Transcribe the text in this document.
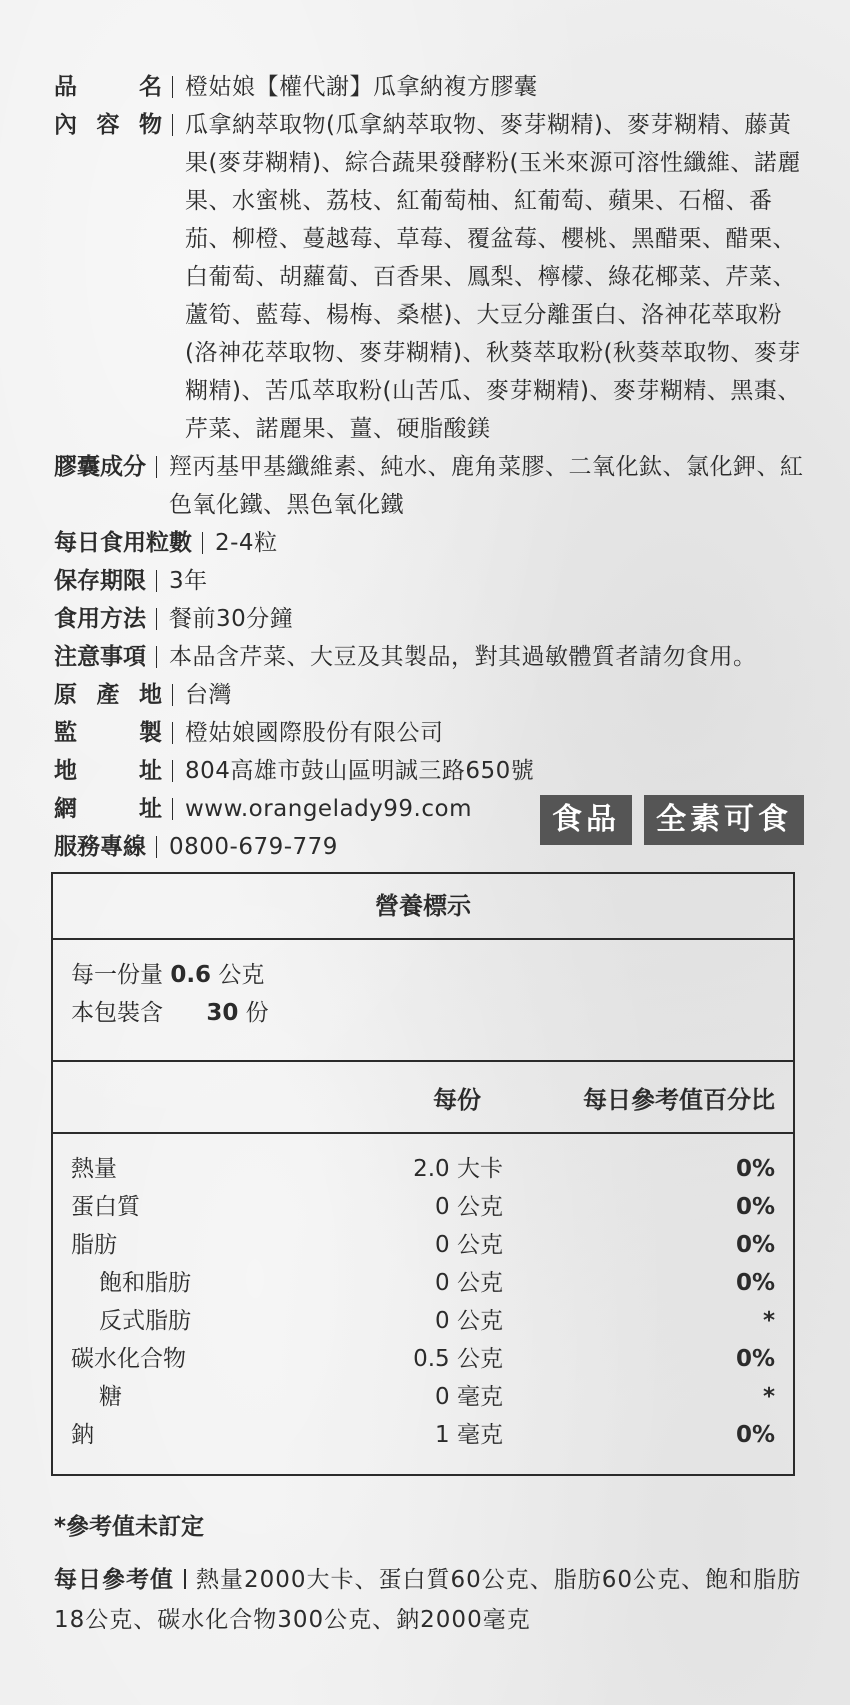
品　　名 橙姑娘【權代謝】瓜拿納複方膠囊
內 容 物 瓜拿納萃取物(瓜拿納萃取物、麥芽糊精)、麥芽糊精、藤黃果(麥芽糊精)、綜合蔬果發酵粉(玉米來源可溶性纖維、諾麗果、水蜜桃、荔枝、紅葡萄柚、紅葡萄、蘋果、石榴、番茄、柳橙、蔓越莓、草莓、覆盆莓、櫻桃、黑醋栗、醋栗、白葡萄、胡蘿蔔、百香果、鳳梨、檸檬、綠花椰菜、芹菜、蘆筍、藍莓、楊梅、桑椹)、大豆分離蛋白、洛神花萃取粉(洛神花萃取物、麥芽糊精)、秋葵萃取粉(秋葵萃取物、麥芽糊精)、苦瓜萃取粉(山苦瓜、麥芽糊精)、麥芽糊精、黑棗、芹菜、諾麗果、薑、硬脂酸鎂
膠囊成分 羥丙基甲基纖維素、純水、鹿角菜膠、二氧化鈦、氯化鉀、紅色氧化鐵、黑色氧化鐵
每日食用粒數 2-4粒
保存期限 3年
食用方法 餐前30分鐘
注意事項 本品含芹菜、大豆及其製品，對其過敏體質者請勿食用。
原 產 地 台灣
監　　製 橙姑娘國際股份有限公司
地　　址 804高雄市鼓山區明誠三路650號
網　　址 www.orangelady99.com
服務專線 0800-679-779
食品	全素可食
營養標示
每一份量 0.6 公克
本包裝含 30 份
每份	每日參考值百分比
熱量	2.0 大卡	0%
蛋白質	0 公克	0%
脂肪	0 公克	0%
飽和脂肪	0 公克	0%
反式脂肪	0 公克	*
碳水化合物	0.5 公克	0%
糖	0 毫克	*
鈉	1 毫克	0%
*參考值未訂定
每日參考值 熱量2000大卡、蛋白質60公克、脂肪60公克、飽和脂肪18公克、碳水化合物300公克、鈉2000毫克
